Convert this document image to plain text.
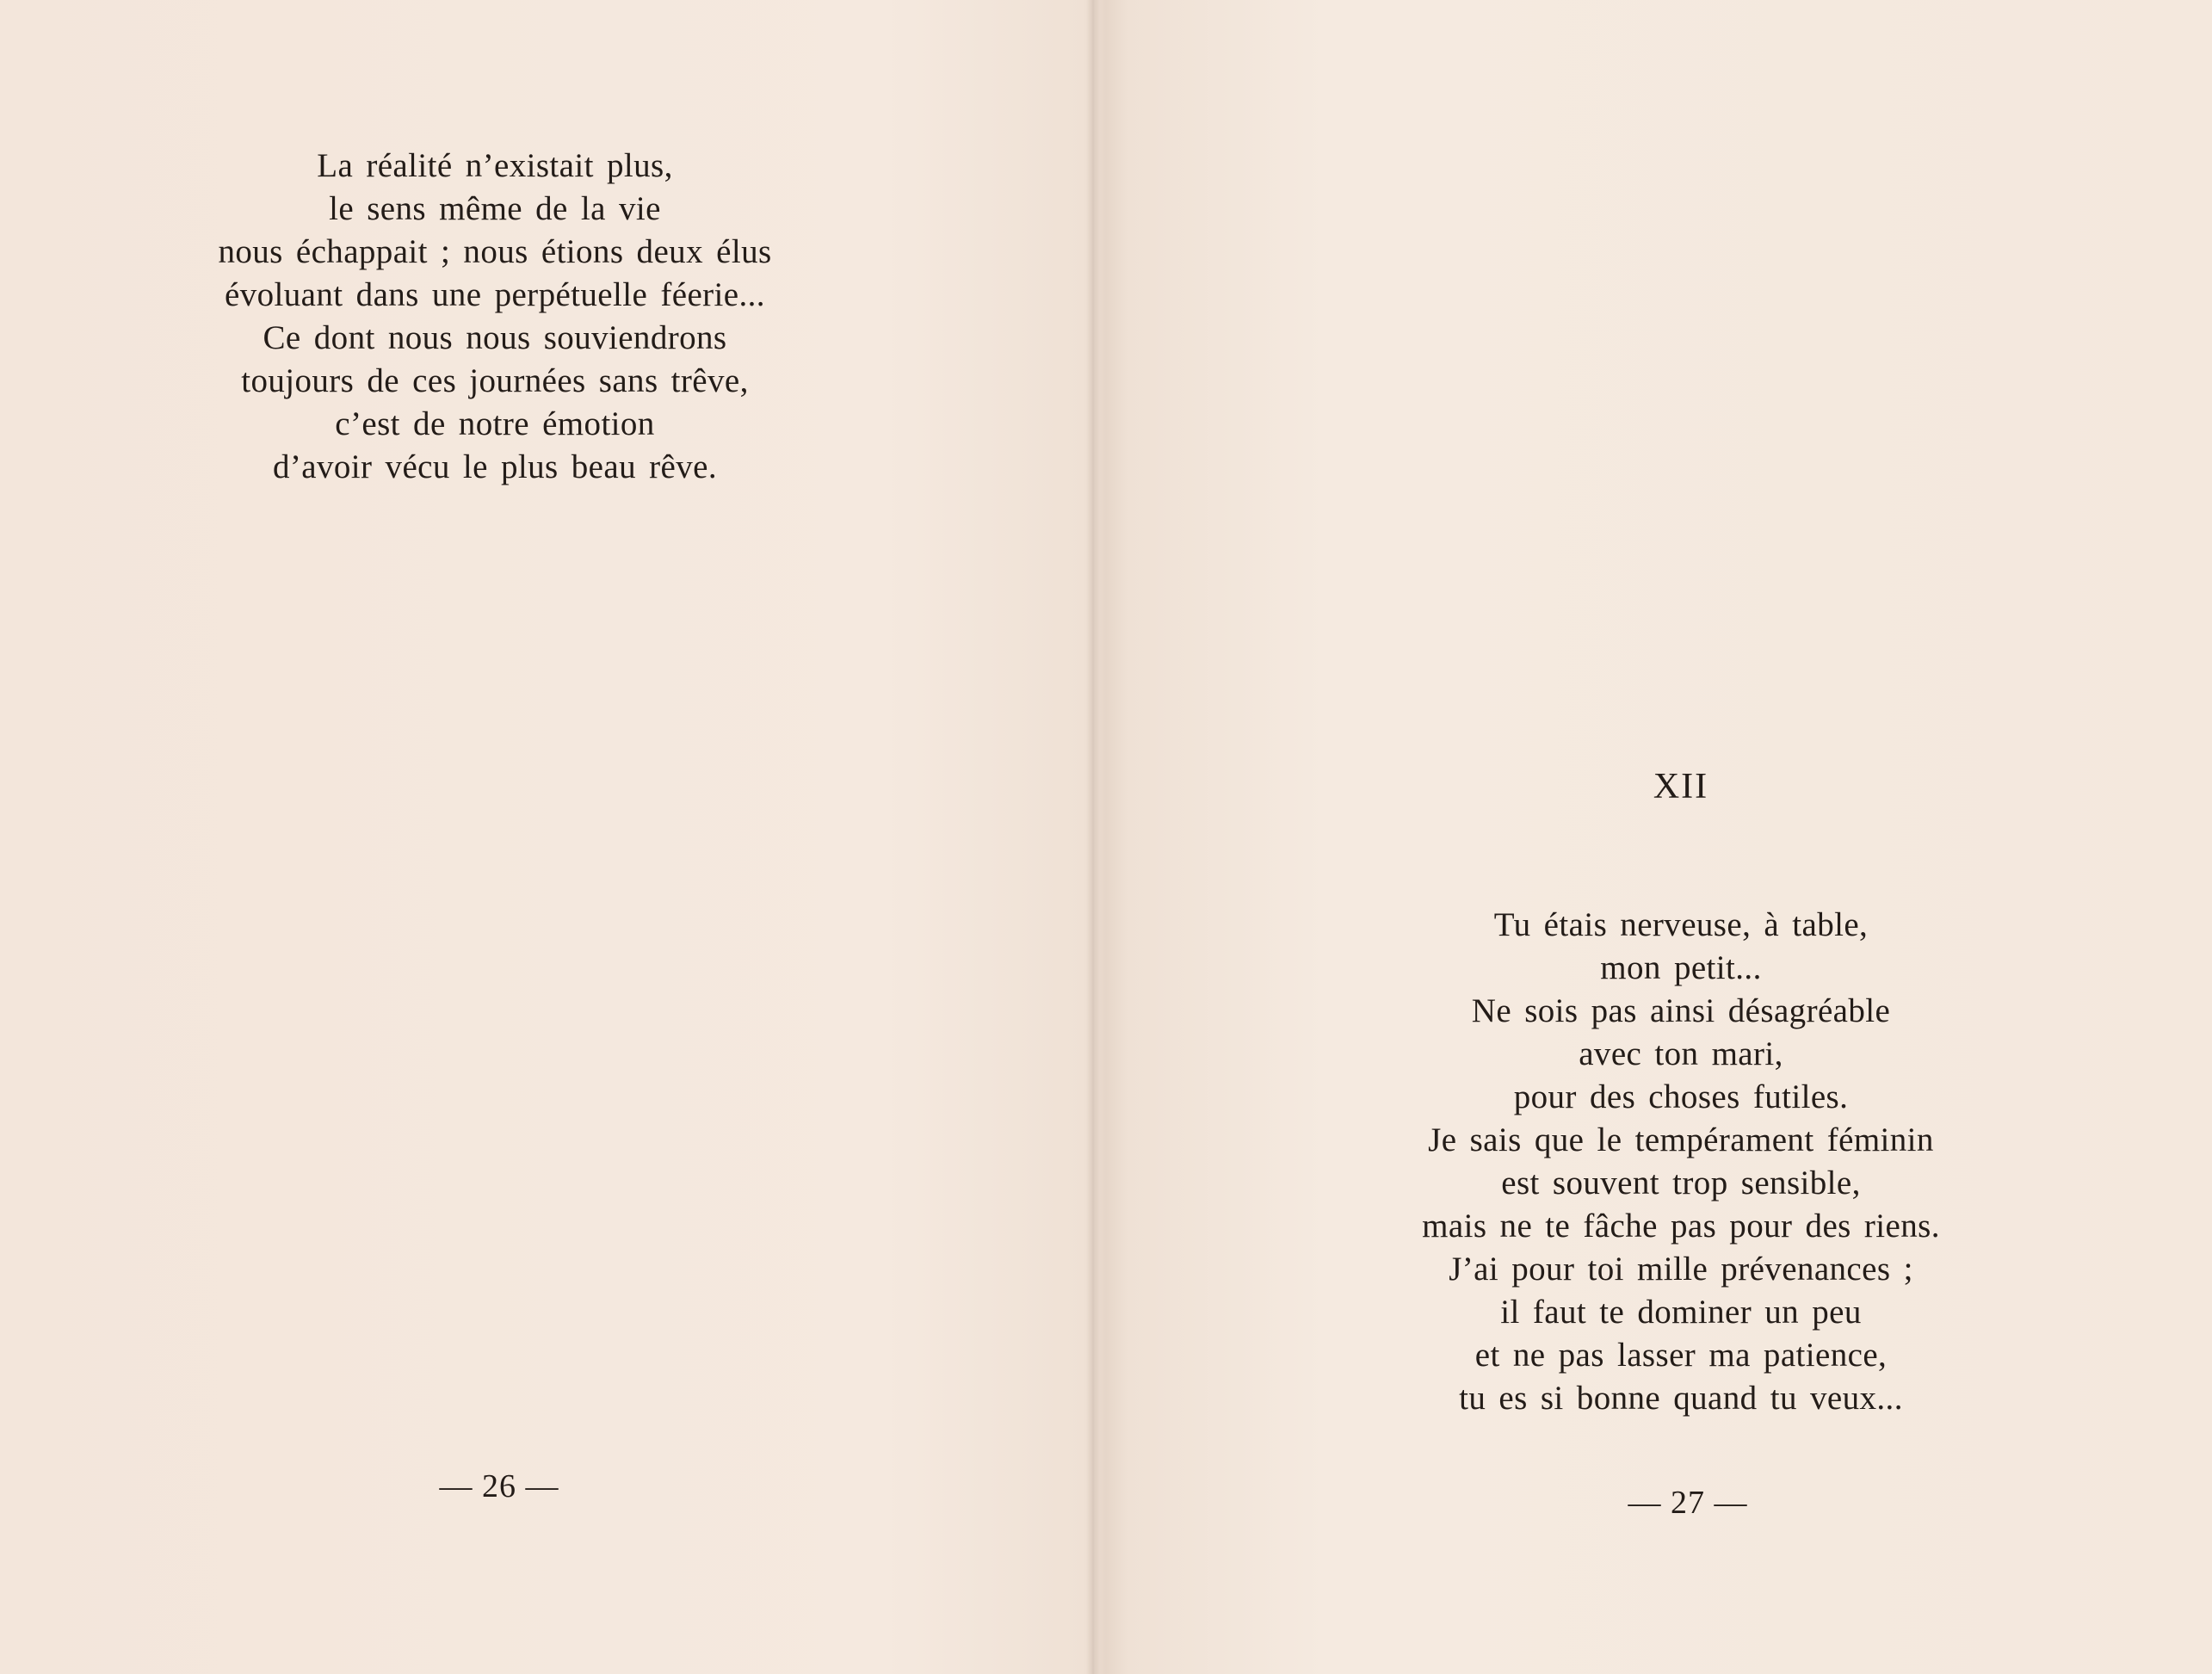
La réalité n’existait plus,
le sens même de la vie
nous échappait ; nous étions deux élus
évoluant dans une perpétuelle féerie...
Ce dont nous nous souviendrons
toujours de ces journées sans trêve,
c’est de notre émotion
d’avoir vécu le plus beau rêve.
— 26 —
XII
Tu étais nerveuse, à table,
mon petit...
Ne sois pas ainsi désagréable
avec ton mari,
pour des choses futiles.
Je sais que le tempérament féminin
est souvent trop sensible,
mais ne te fâche pas pour des riens.
J’ai pour toi mille prévenances ;
il faut te dominer un peu
et ne pas lasser ma patience,
tu es si bonne quand tu veux...
— 27 —
